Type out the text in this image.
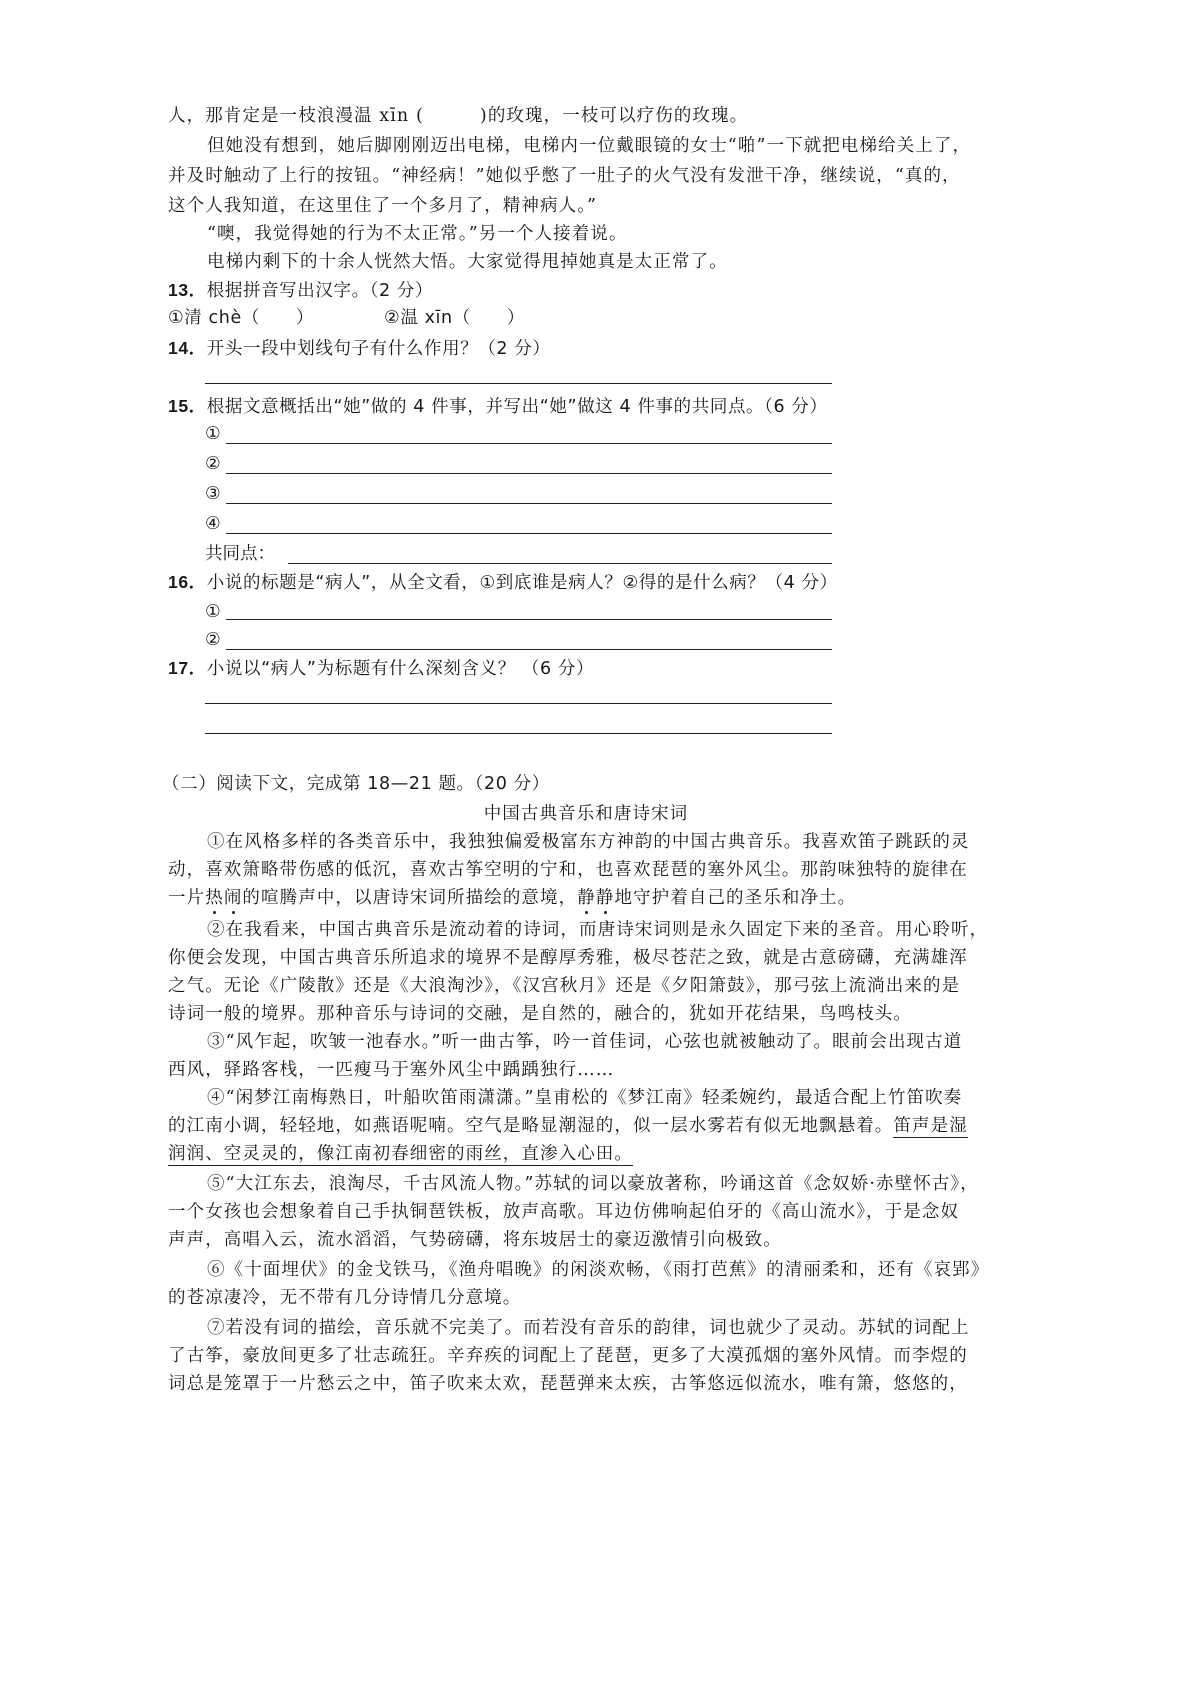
人，那肯定是一枝浪漫温 xīn (	)的玫瑰，一枝可以疗伤的玫瑰。
但她没有想到，她后脚刚刚迈出电梯，电梯内一位戴眼镜的女士“啪”一下就把电梯给关上了，
并及时触动了上行的按钮。“神经病！”她似乎憋了一肚子的火气没有发泄干净，继续说，“真的，
这个人我知道，在这里住了一个多月了，精神病人。”
“噢，我觉得她的行为不太正常。”另一个人接着说。
电梯内剩下的十余人恍然大悟。大家觉得甩掉她真是太正常了。
13．根据拼音写出汉字。（2 分）
①清 chè（ ）	②温 xīn（ ）
14．开头一段中划线句子有什么作用？（2 分）
15．根据文意概括出“她”做的 4 件事，并写出“她”做这 4 件事的共同点。（6 分）
①
②
③
④
共同点：
16．小说的标题是“病人”，从全文看，①到底谁是病人？②得的是什么病？（4 分）
①
②
17．小说以“病人”为标题有什么深刻含义？ （6 分）
（二）阅读下文，完成第 18—21 题。（20 分）
中国古典音乐和唐诗宋词
①在风格多样的各类音乐中，我独独偏爱极富东方神韵的中国古典音乐。我喜欢笛子跳跃的灵
动，喜欢箫略带伤感的低沉，喜欢古筝空明的宁和，也喜欢琵琶的塞外风尘。那韵味独特的旋律在
一片热闹的喧腾声中，以唐诗宋词所描绘的意境，静静地守护着自己的圣乐和净土。
②在我看来，中国古典音乐是流动着的诗词，而唐诗宋词则是永久固定下来的圣音。用心聆听，
你便会发现，中国古典音乐所追求的境界不是醇厚秀雅，极尽苍茫之致，就是古意磅礴，充满雄浑
之气。无论《广陵散》还是《大浪淘沙》，《汉宫秋月》还是《夕阳箫鼓》，那弓弦上流淌出来的是
诗词一般的境界。那种音乐与诗词的交融，是自然的，融合的，犹如开花结果，鸟鸣枝头。
③“风乍起，吹皱一池春水。”听一曲古筝，吟一首佳词，心弦也就被触动了。眼前会出现古道
西风，驿路客栈，一匹瘦马于塞外风尘中踽踽独行……
④“闲梦江南梅熟日，叶船吹笛雨潇潇。”皇甫松的《梦江南》轻柔婉约，最适合配上竹笛吹奏
的江南小调，轻轻地，如燕语呢喃。空气是略显潮湿的，似一层水雾若有似无地飘悬着。笛声是湿
润润、空灵灵的，像江南初春细密的雨丝，直渗入心田。
⑤“大江东去，浪淘尽，千古风流人物。”苏轼的词以豪放著称，吟诵这首《念奴娇·赤壁怀古》，
一个女孩也会想象着自己手执铜琶铁板，放声高歌。耳边仿佛响起伯牙的《高山流水》，于是念奴
声声，高唱入云，流水滔滔，气势磅礴，将东坡居士的豪迈激情引向极致。
⑥《十面埋伏》的金戈铁马，《渔舟唱晚》的闲淡欢畅，《雨打芭蕉》的清丽柔和，还有《哀郢》
的苍凉凄冷，无不带有几分诗情几分意境。
⑦若没有词的描绘，音乐就不完美了。而若没有音乐的韵律，词也就少了灵动。苏轼的词配上
了古筝，豪放间更多了壮志疏狂。辛弃疾的词配上了琵琶，更多了大漠孤烟的塞外风情。而李煜的
词总是笼罩于一片愁云之中，笛子吹来太欢，琵琶弹来太疾，古筝悠远似流水，唯有箫，悠悠的，
